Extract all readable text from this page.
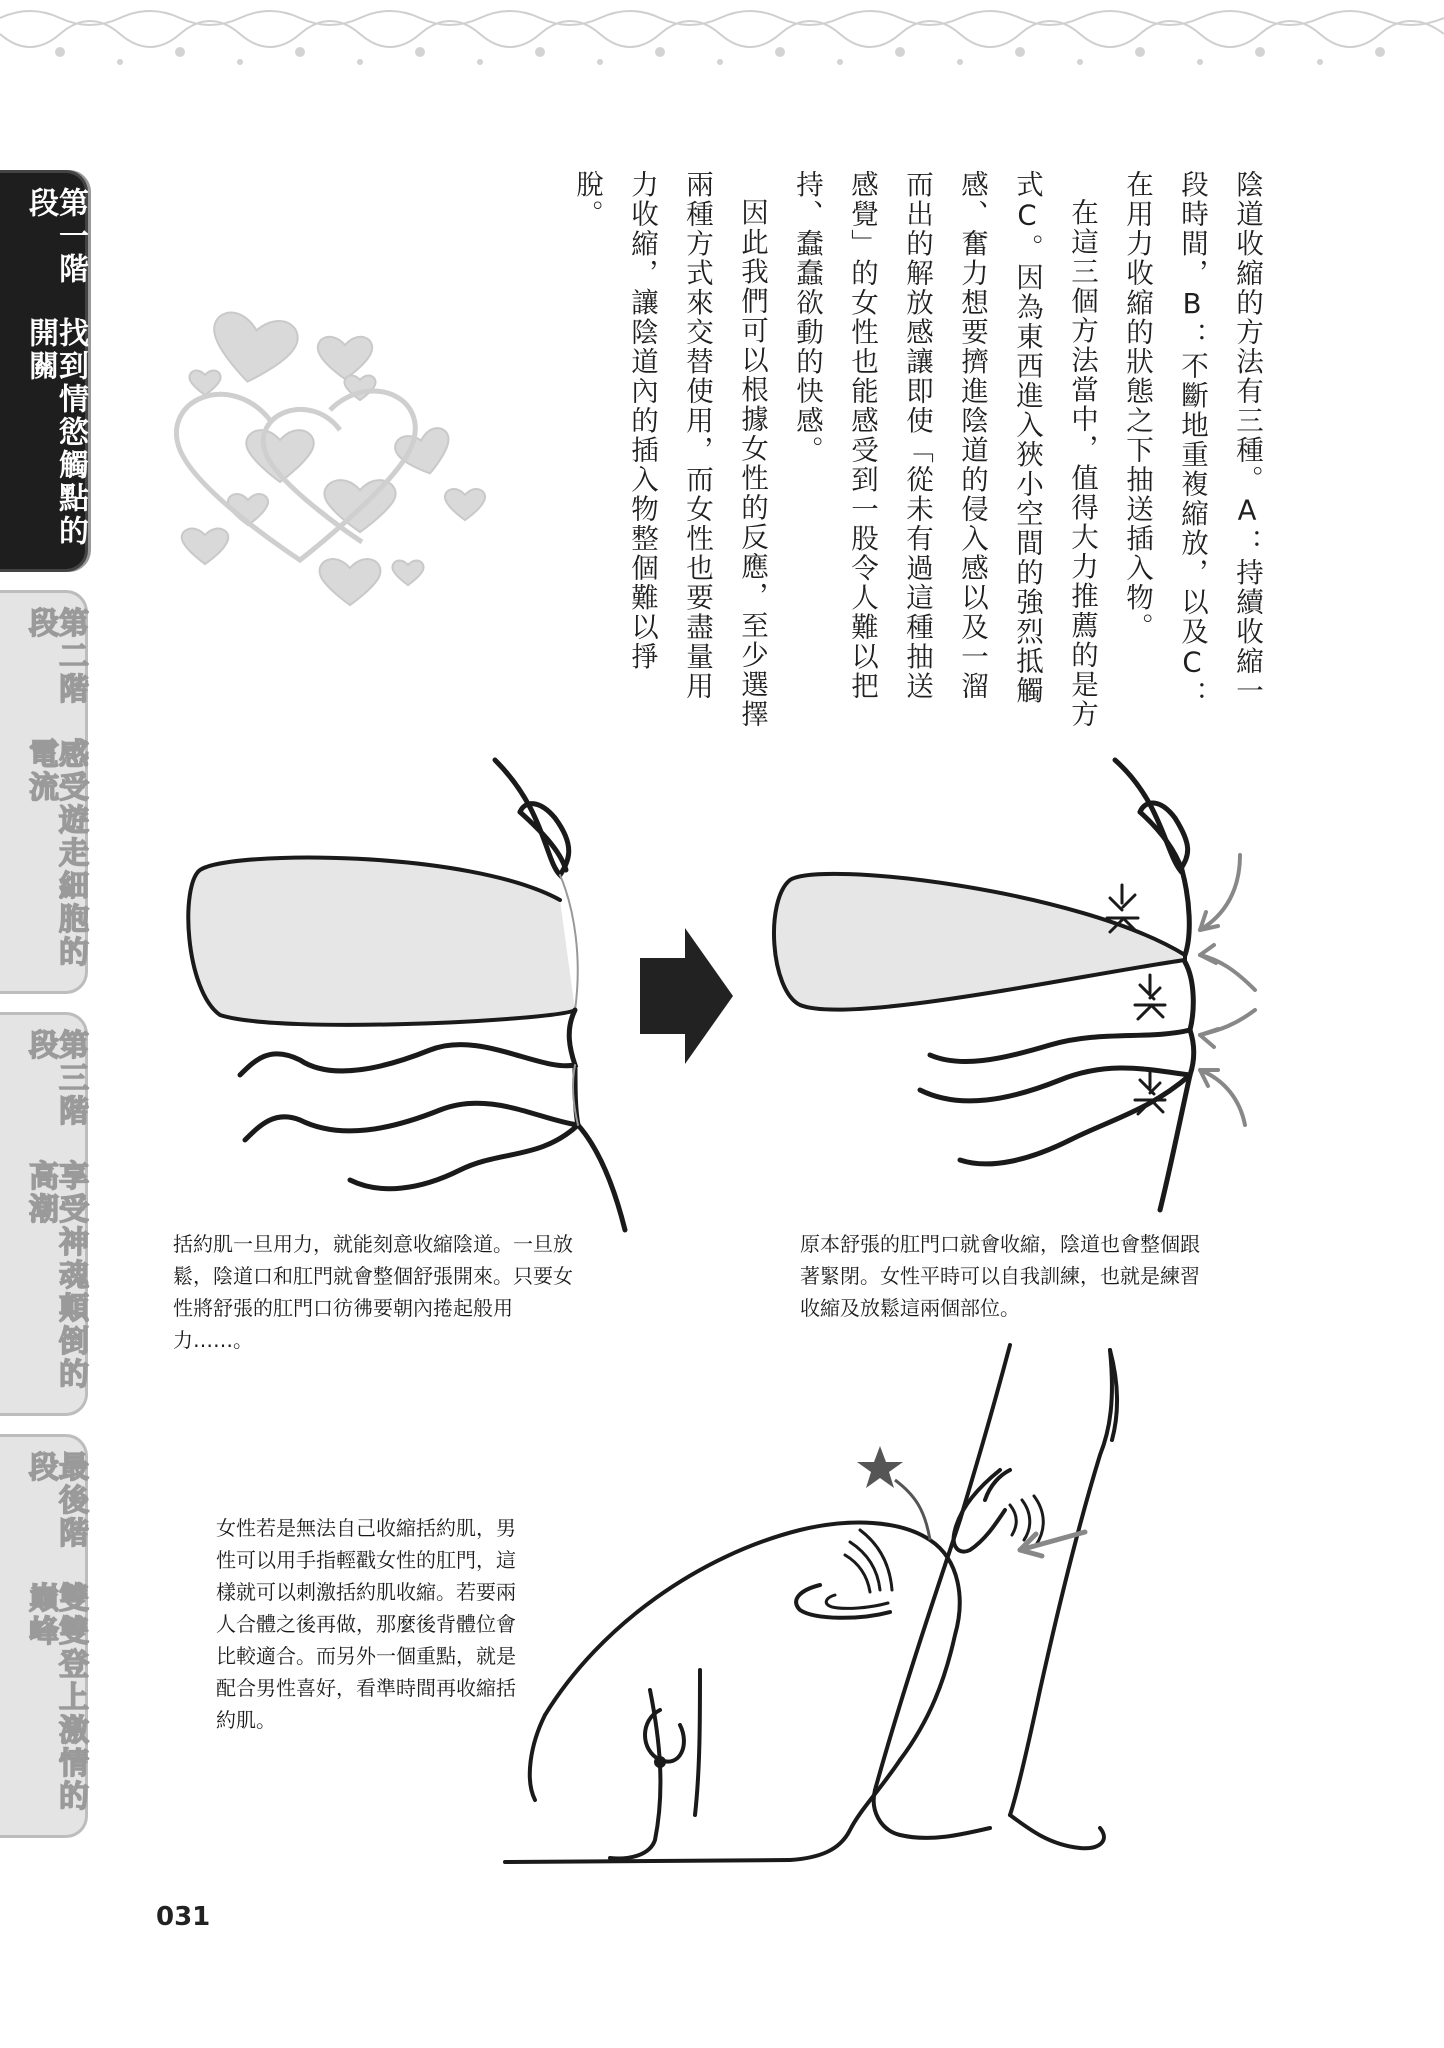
第一階段
找到情慾觸點的開關
第二階段
感受遊走細胞的電流
第三階段
享受神魂顛倒的高潮
最後階段
雙雙登上激情的巔峰

陰道收縮的方法有三種。A：持續收縮一段時間，B：不斷地重複縮放，以及C：在用力收縮的狀態之下抽送插入物。

在這三個方法當中，值得大力推薦的是方式C。因為東西進入狹小空間的強烈抵觸感、奮力想要擠進陰道的侵入感以及一溜而出的解放感讓即使「從未有過這種抽送感覺」的女性也能感受到一股令人難以把持、蠢蠢欲動的快感。

因此我們可以根據女性的反應，至少選擇兩種方式來交替使用，而女性也要盡量用力收縮，讓陰道內的插入物整個難以掙脫。

括約肌一旦用力，就能刻意收縮陰道。一旦放鬆，陰道口和肛門就會整個舒張開來。只要女性將舒張的肛門口彷彿要朝內捲起般用力……。
原本舒張的肛門口就會收縮，陰道也會整個跟著緊閉。女性平時可以自我訓練，也就是練習收縮及放鬆這兩個部位。
女性若是無法自己收縮括約肌，男性可以用手指輕戳女性的肛門，這樣就可以刺激括約肌收縮。若要兩人合體之後再做，那麼後背體位會比較適合。而另外一個重點，就是配合男性喜好，看準時間再收縮括約肌。
031
